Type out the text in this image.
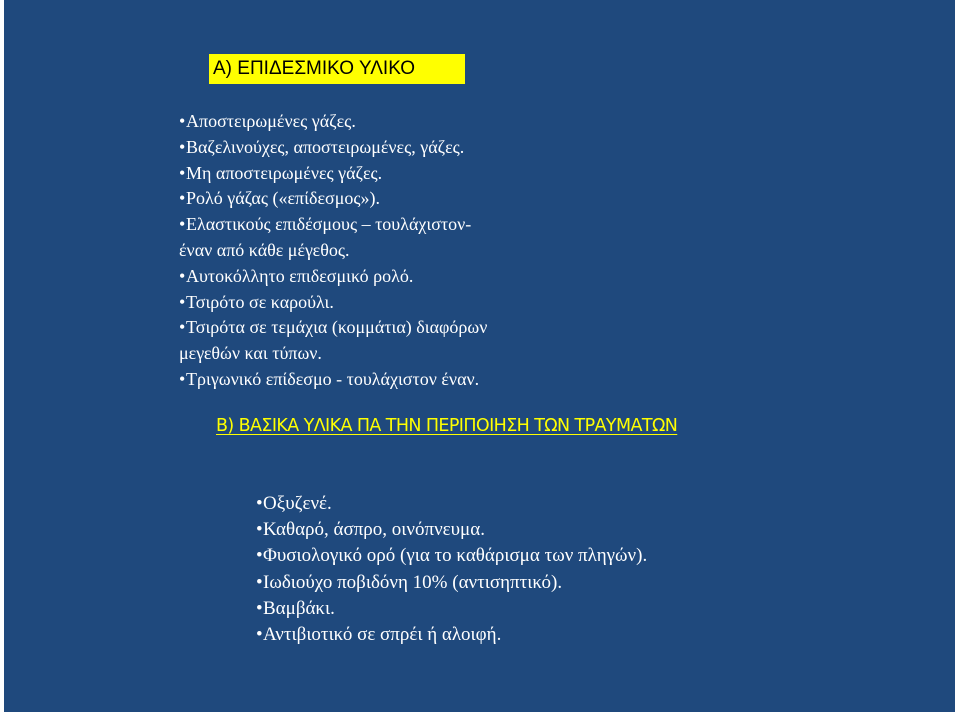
A) ΕΠΙΔΕΣΜΙΚΟ ΥΛΙΚΟ
•Αποστειρωμένες γάζες.
•Βαζελινούχες, αποστειρωμένες, γάζες.
•Μη αποστειρωμένες γάζες.
•Ρολό γάζας («επίδεσμος»).
•Ελαστικούς επιδέσμους – τουλάχιστον-
έναν από κάθε μέγεθος.
•Αυτοκόλλητο επιδεσμικό ρολό.
•Τσιρότο σε καρούλι.
•Τσιρότα σε τεμάχια (κομμάτια) διαφόρων
μεγεθών και τύπων.
•Τριγωνικό επίδεσμο - τουλάχιστον έναν.
B) ΒΑΣΙΚΑ ΥΛΙΚΑ ΠΑ ΤΗΝ ΠΕΡΙΠΟΙΗΣΗ ΤΩΝ ΤΡΑΥΜΑΤΩΝ
•Οξυζενέ.
•Καθαρό, άσπρο, οινόπνευμα.
•Φυσιολογικό ορό (για το καθάρισμα των πληγών).
•Ιωδιούχο ποβιδόνη 10% (αντισηπτικό).
•Βαμβάκι.
•Αντιβιοτικό σε σπρέι ή αλοιφή.
